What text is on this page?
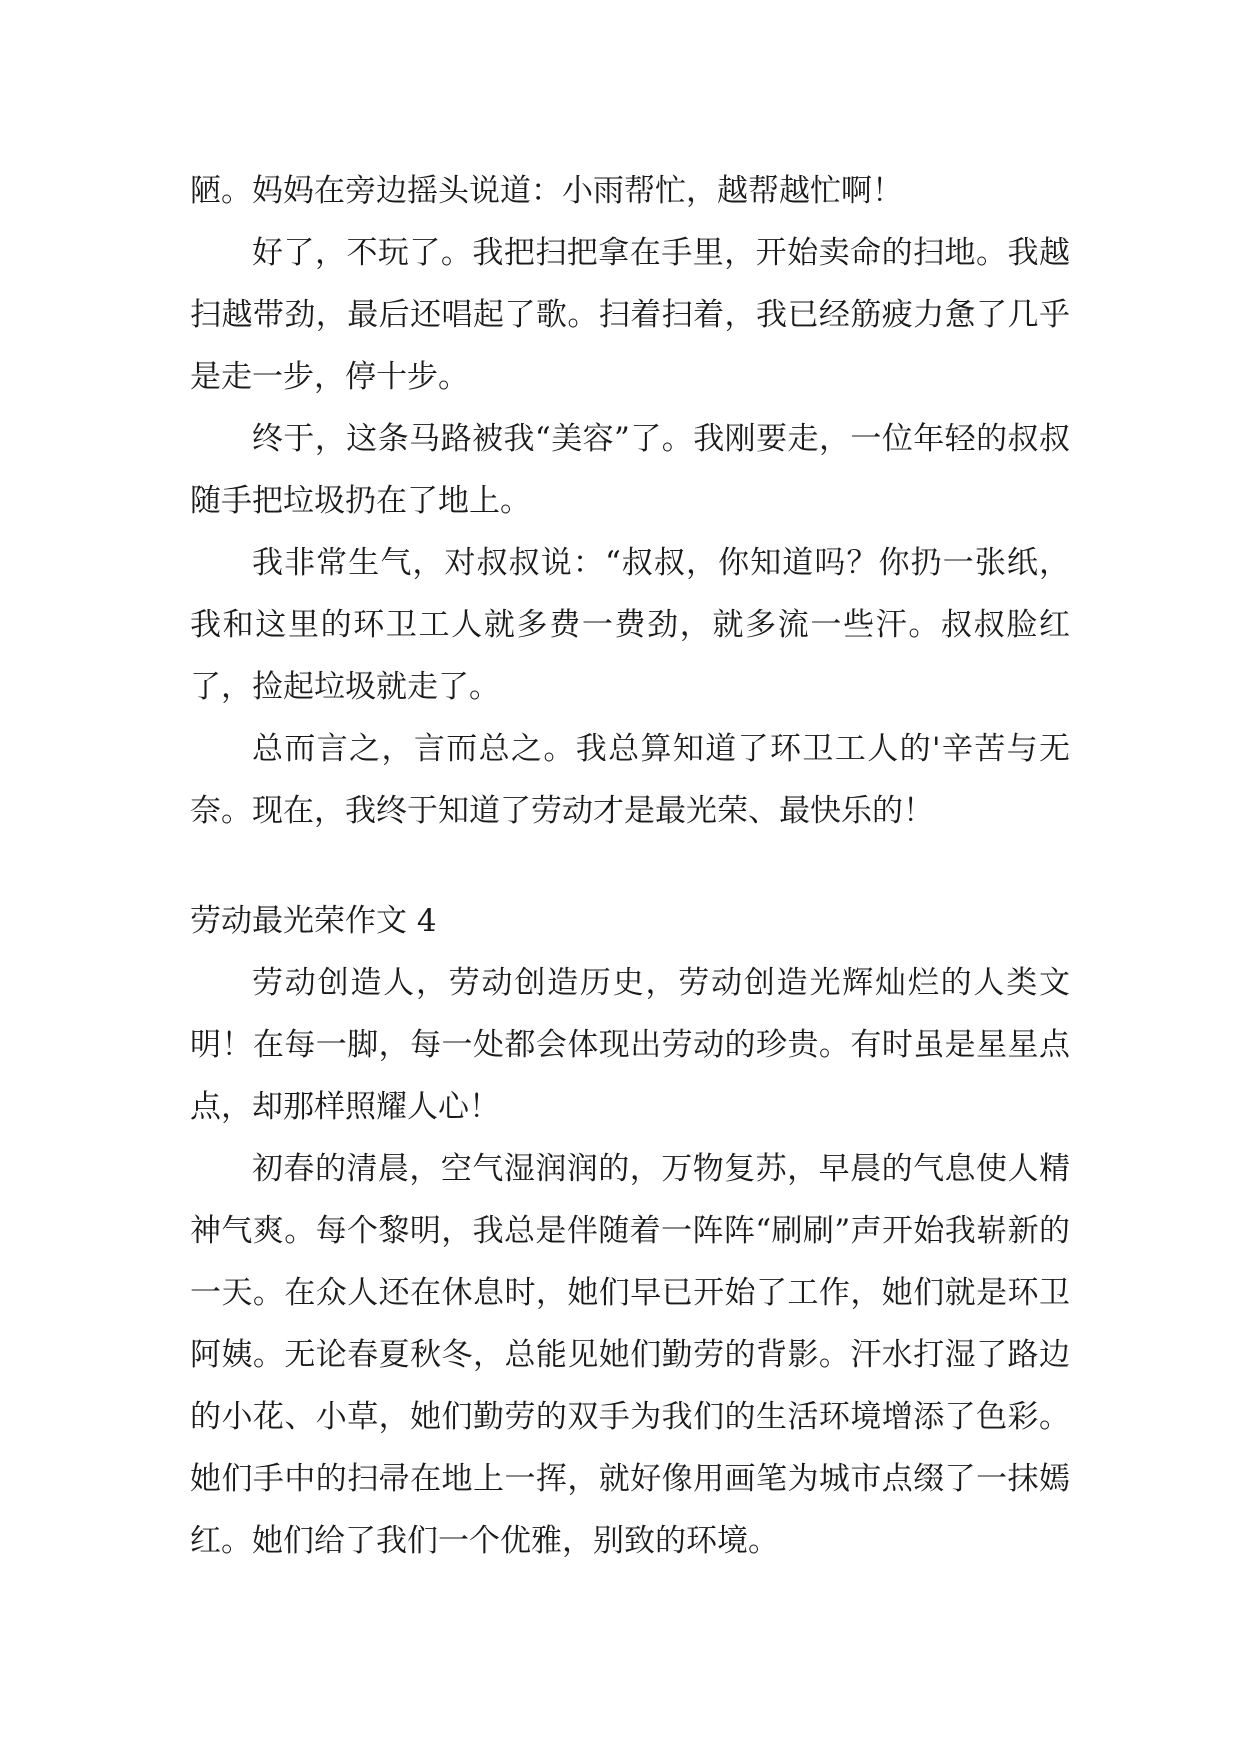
陋。妈妈在旁边摇头说道：小雨帮忙，越帮越忙啊！

好了，不玩了。我把扫把拿在手里，开始卖命的扫地。我越扫越带劲，最后还唱起了歌。扫着扫着，我已经筋疲力惫了几乎是走一步，停十步。

终于，这条马路被我“美容”了。我刚要走，一位年轻的叔叔随手把垃圾扔在了地上。

我非常生气，对叔叔说：“叔叔，你知道吗？你扔一张纸，我和这里的环卫工人就多费一费劲，就多流一些汗。叔叔脸红了，捡起垃圾就走了。

总而言之，言而总之。我总算知道了环卫工人的'辛苦与无奈。现在，我终于知道了劳动才是最光荣、最快乐的！

劳动最光荣作文 4

劳动创造人，劳动创造历史，劳动创造光辉灿烂的人类文明！在每一脚，每一处都会体现出劳动的珍贵。有时虽是星星点点，却那样照耀人心！

初春的清晨，空气湿润润的，万物复苏，早晨的气息使人精神气爽。每个黎明，我总是伴随着一阵阵“刷刷”声开始我崭新的一天。在众人还在休息时，她们早已开始了工作，她们就是环卫阿姨。无论春夏秋冬，总能见她们勤劳的背影。汗水打湿了路边的小花、小草，她们勤劳的双手为我们的生活环境增添了色彩。她们手中的扫帚在地上一挥，就好像用画笔为城市点缀了一抹嫣红。她们给了我们一个优雅，别致的环境。
